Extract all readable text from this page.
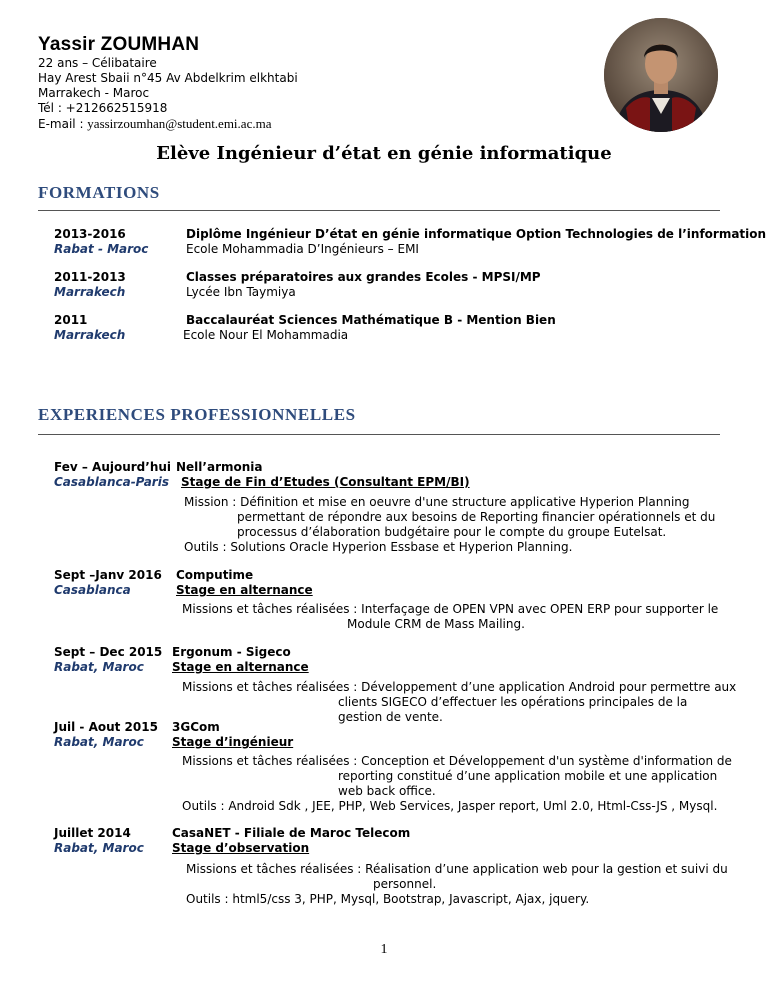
Yassir ZOUMHAN
22 ans – Célibataire
Hay Arest Sbaii n°45 Av Abdelkrim elkhtabi
Marrakech - Maroc
Tél : +212662515918
E-mail : yassirzoumhan@student.emi.ac.ma
Elève Ingénieur d’état en génie informatique
FORMATIONS
2013-2016
Rabat - Maroc
Diplôme Ingénieur D’état en génie informatique Option Technologies de l’information
Ecole Mohammadia D’Ingénieurs – EMI
2011-2013
Marrakech
Classes préparatoires aux grandes Ecoles - MPSI/MP
Lycée Ibn Taymiya
2011
Marrakech
Baccalauréat Sciences Mathématique B - Mention Bien
Ecole Nour El Mohammadia
EXPERIENCES PROFESSIONNELLES
Fev – Aujourd’hui
Casablanca-Paris
Nell’armonia
Stage de Fin d’Etudes (Consultant EPM/BI)
Mission : Définition et mise en oeuvre d'une structure applicative Hyperion Planning
permettant de répondre aux besoins de Reporting financier opérationnels et du
processus d’élaboration budgétaire pour le compte du groupe Eutelsat.
Outils : Solutions Oracle Hyperion Essbase et Hyperion Planning.
Sept –Janv 2016
Casablanca
Computime
Stage en alternance
Missions et tâches réalisées : Interfaçage de OPEN VPN avec OPEN ERP pour supporter le
Module CRM de Mass Mailing.
Sept – Dec 2015
Rabat, Maroc
Ergonum - Sigeco
Stage en alternance
Missions et tâches réalisées : Développement d’une application Android pour permettre aux
clients SIGECO d’effectuer les opérations principales de la
gestion de vente.
Juil - Aout 2015
Rabat, Maroc
3GCom
Stage d’ingénieur
Missions et tâches réalisées : Conception et Développement d'un système d'information de
reporting constitué d’une application mobile et une application
web back office.
Outils : Android Sdk , JEE, PHP, Web Services, Jasper report, Uml 2.0, Html-Css-JS , Mysql.
Juillet 2014
Rabat, Maroc
CasaNET - Filiale de Maroc Telecom
Stage d’observation
Missions et tâches réalisées : Réalisation d’une application web pour la gestion et suivi du
personnel.
Outils : html5/css 3, PHP, Mysql, Bootstrap, Javascript, Ajax, jquery.
1
